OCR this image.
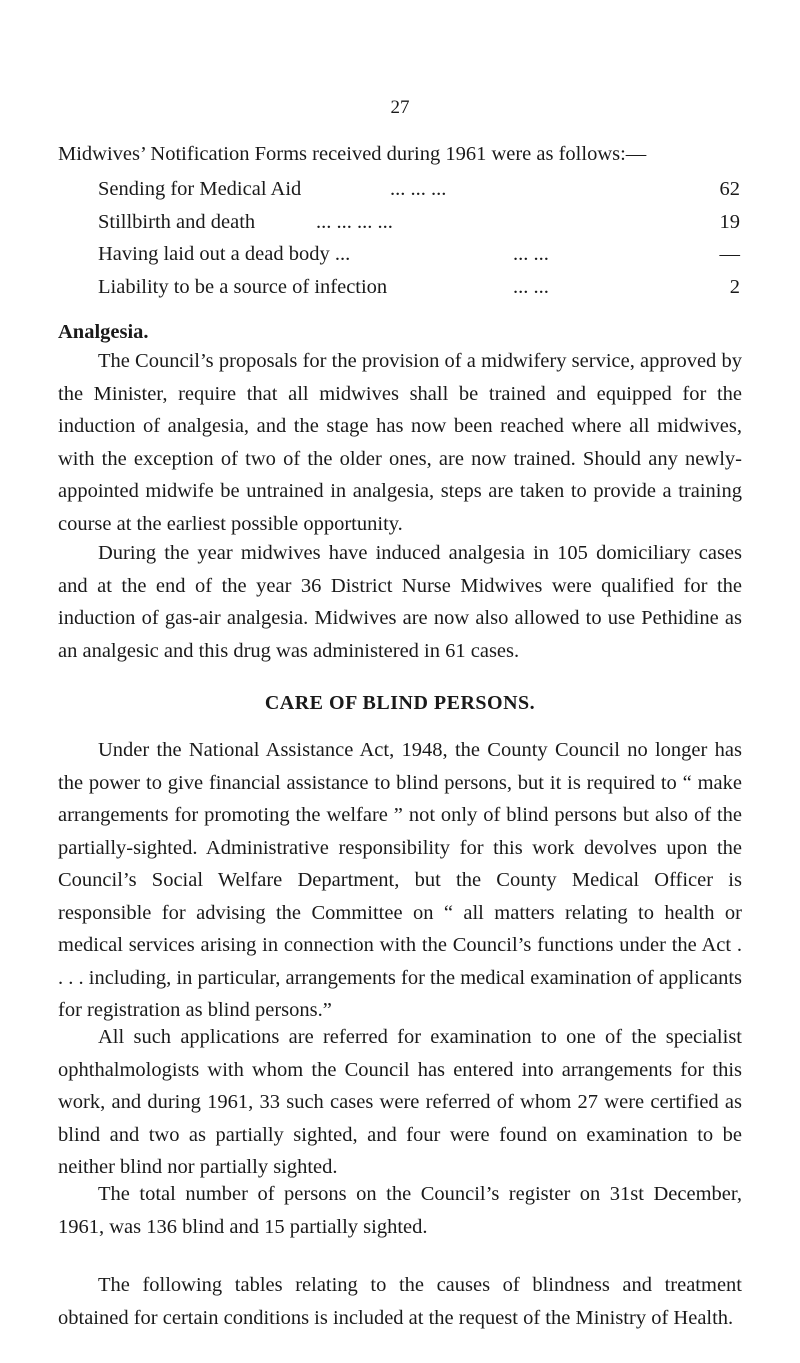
27
Midwives’ Notification Forms received during 1961 were as follows:—
Sending for Medical Aid	... ... ...	62
Stillbirth and death	... ... ... ...	19
Having laid out a dead body ...	... ...	—
Liability to be a source of infection	... ...	2
Analgesia.

The Council’s proposals for the provision of a midwifery service, approved by the Minister, require that all midwives shall be trained and equipped for the induction of analgesia, and the stage has now been reached where all midwives, with the exception of two of the older ones, are now trained. Should any newly-appointed midwife be untrained in analgesia, steps are taken to provide a training course at the earliest possible opportunity.

During the year midwives have induced analgesia in 105 domiciliary cases and at the end of the year 36 District Nurse Midwives were qualified for the induction of gas-air analgesia. Midwives are now also allowed to use Pethidine as an analgesic and this drug was administered in 61 cases.

CARE OF BLIND PERSONS.

Under the National Assistance Act, 1948, the County Council no longer has the power to give financial assistance to blind persons, but it is required to “ make arrangements for promoting the welfare ” not only of blind persons but also of the partially-sighted. Administrative responsibility for this work devolves upon the Council’s Social Welfare Department, but the County Medical Officer is responsible for advising the Committee on “ all matters relating to health or medical services arising in connection with the Council’s functions under the Act . . . . including, in particular, arrangements for the medical examination of applicants for registration as blind persons.”

All such applications are referred for examination to one of the specialist ophthalmologists with whom the Council has entered into arrangements for this work, and during 1961, 33 such cases were referred of whom 27 were certified as blind and two as partially sighted, and four were found on examination to be neither blind nor partially sighted.

The total number of persons on the Council’s register on 31st December, 1961, was 136 blind and 15 partially sighted.

The following tables relating to the causes of blindness and treatment obtained for certain conditions is included at the request of the Ministry of Health.
